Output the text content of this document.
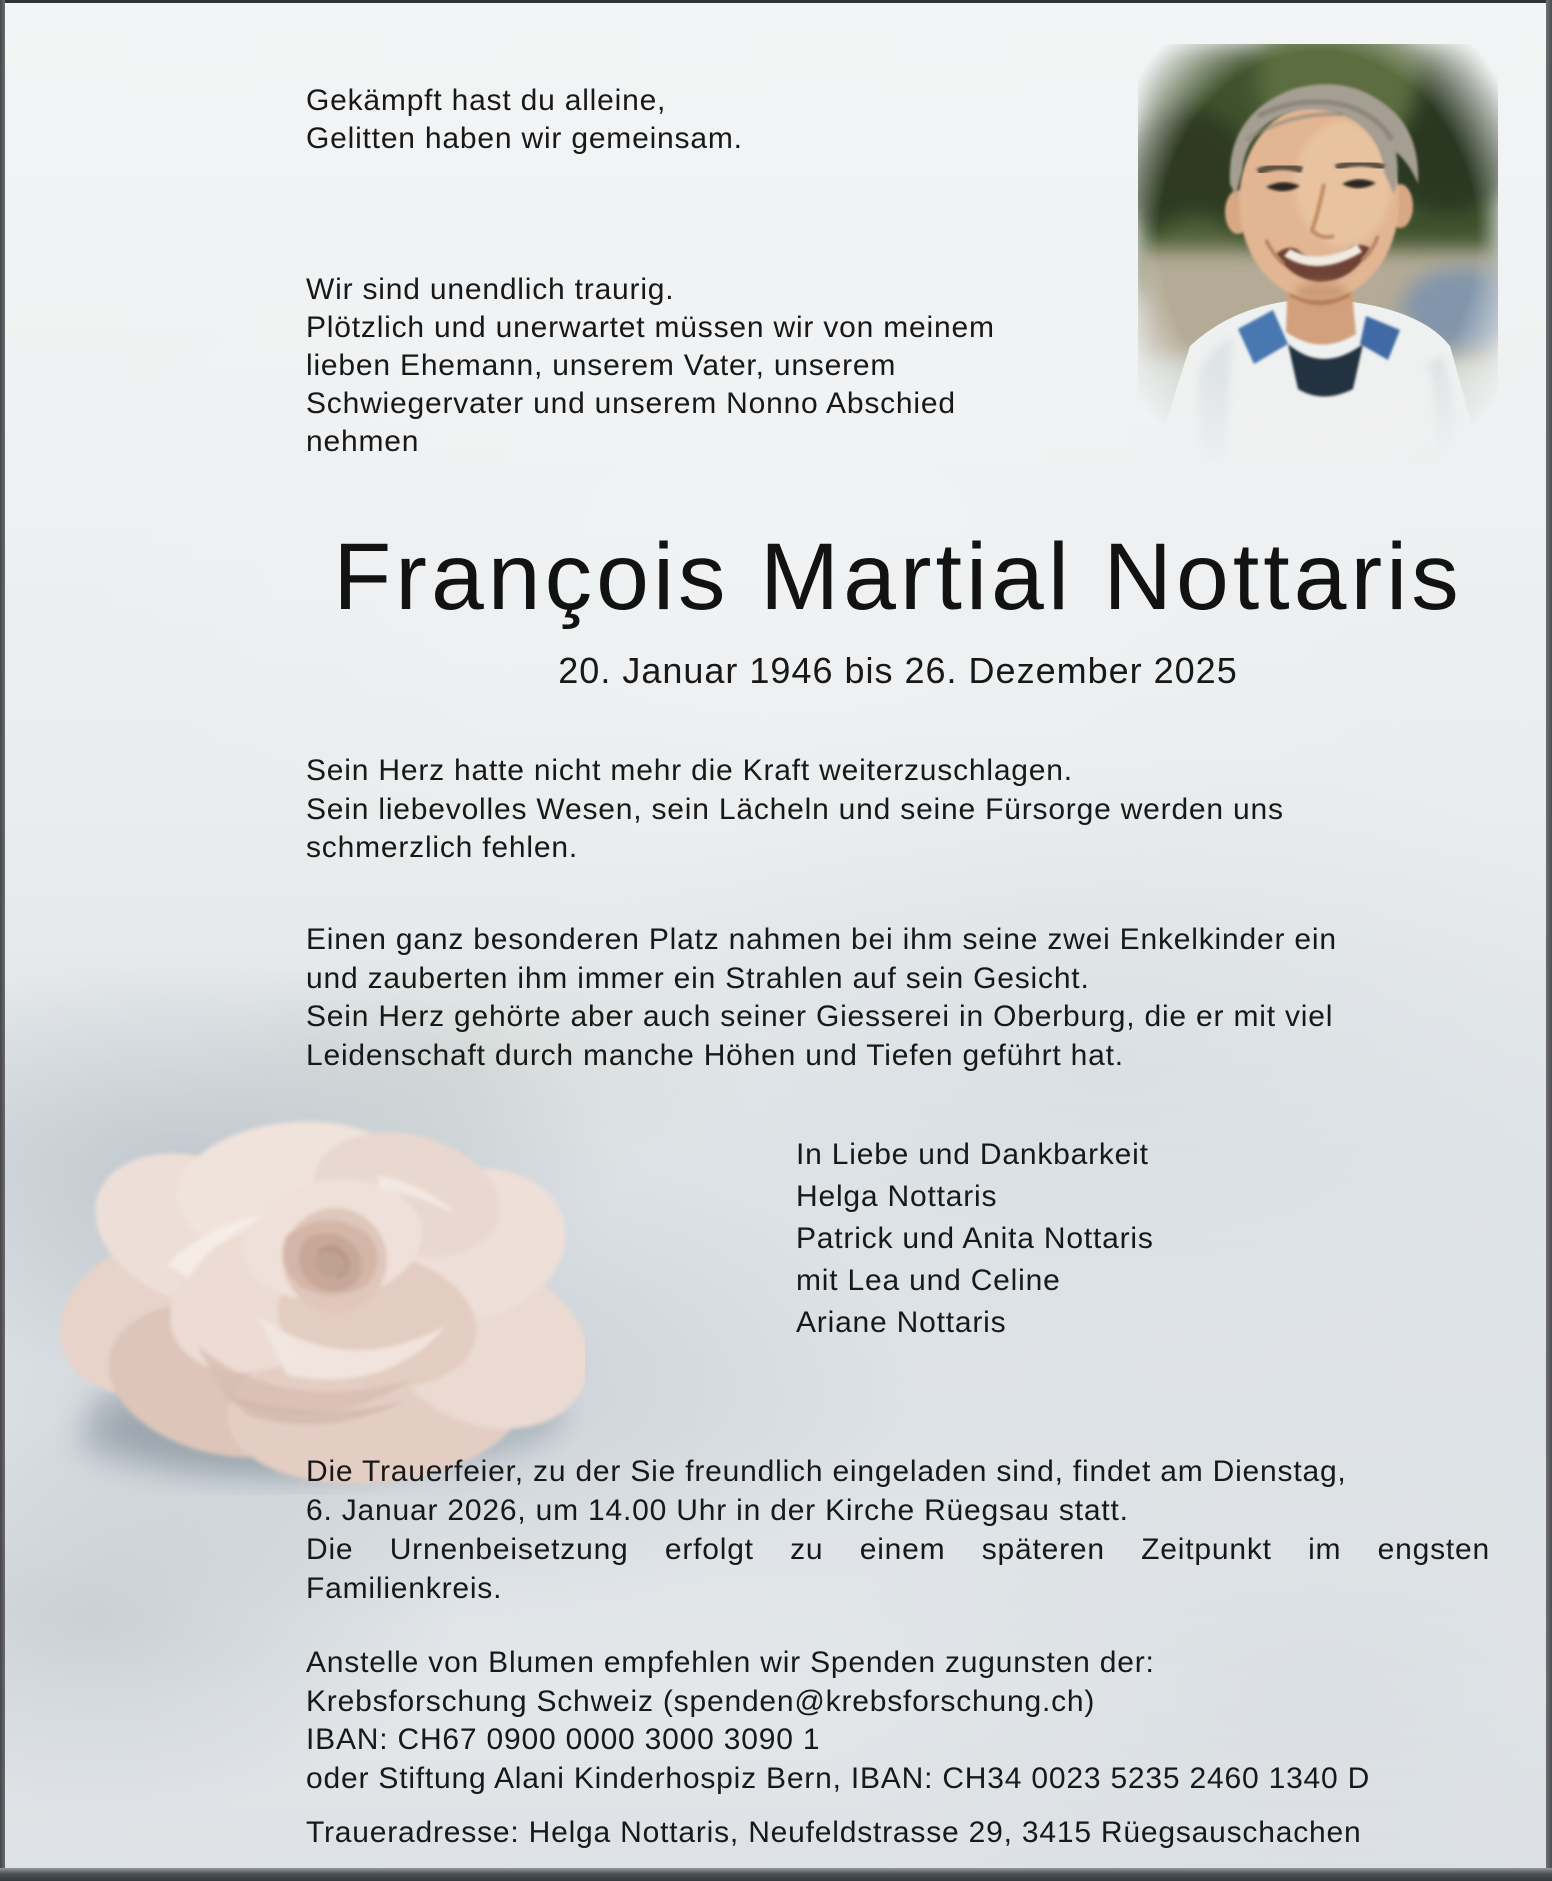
Gekämpft hast du alleine,
Gelitten haben wir gemeinsam.
Wir sind unendlich traurig.
Plötzlich und unerwartet müssen wir von meinem
lieben Ehemann, unserem Vater, unserem
Schwiegervater und unserem Nonno Abschied
nehmen
François Martial Nottaris
20. Januar 1946 bis 26. Dezember 2025
Sein Herz hatte nicht mehr die Kraft weiterzuschlagen.
Sein liebevolles Wesen, sein Lächeln und seine Fürsorge werden uns
schmerzlich fehlen.
Einen ganz besonderen Platz nahmen bei ihm seine zwei Enkelkinder ein
und zauberten ihm immer ein Strahlen auf sein Gesicht.
Sein Herz gehörte aber auch seiner Giesserei in Oberburg, die er mit viel
Leidenschaft durch manche Höhen und Tiefen geführt hat.
In Liebe und Dankbarkeit
Helga Nottaris
Patrick und Anita Nottaris
mit Lea und Celine
Ariane Nottaris
Die Trauerfeier, zu der Sie freundlich eingeladen sind, findet am Dienstag,
6. Januar 2026, um 14.00 Uhr in der Kirche Rüegsau statt.
Die Urnenbeisetzung erfolgt zu einem späteren Zeitpunkt im engsten
Familienkreis.
Anstelle von Blumen empfehlen wir Spenden zugunsten der:
Krebsforschung Schweiz (spenden@krebsforschung.ch)
IBAN: CH67 0900 0000 3000 3090 1
oder Stiftung Alani Kinderhospiz Bern, IBAN: CH34 0023 5235 2460 1340 D
Traueradresse: Helga Nottaris, Neufeldstrasse 29, 3415 Rüegsauschachen
